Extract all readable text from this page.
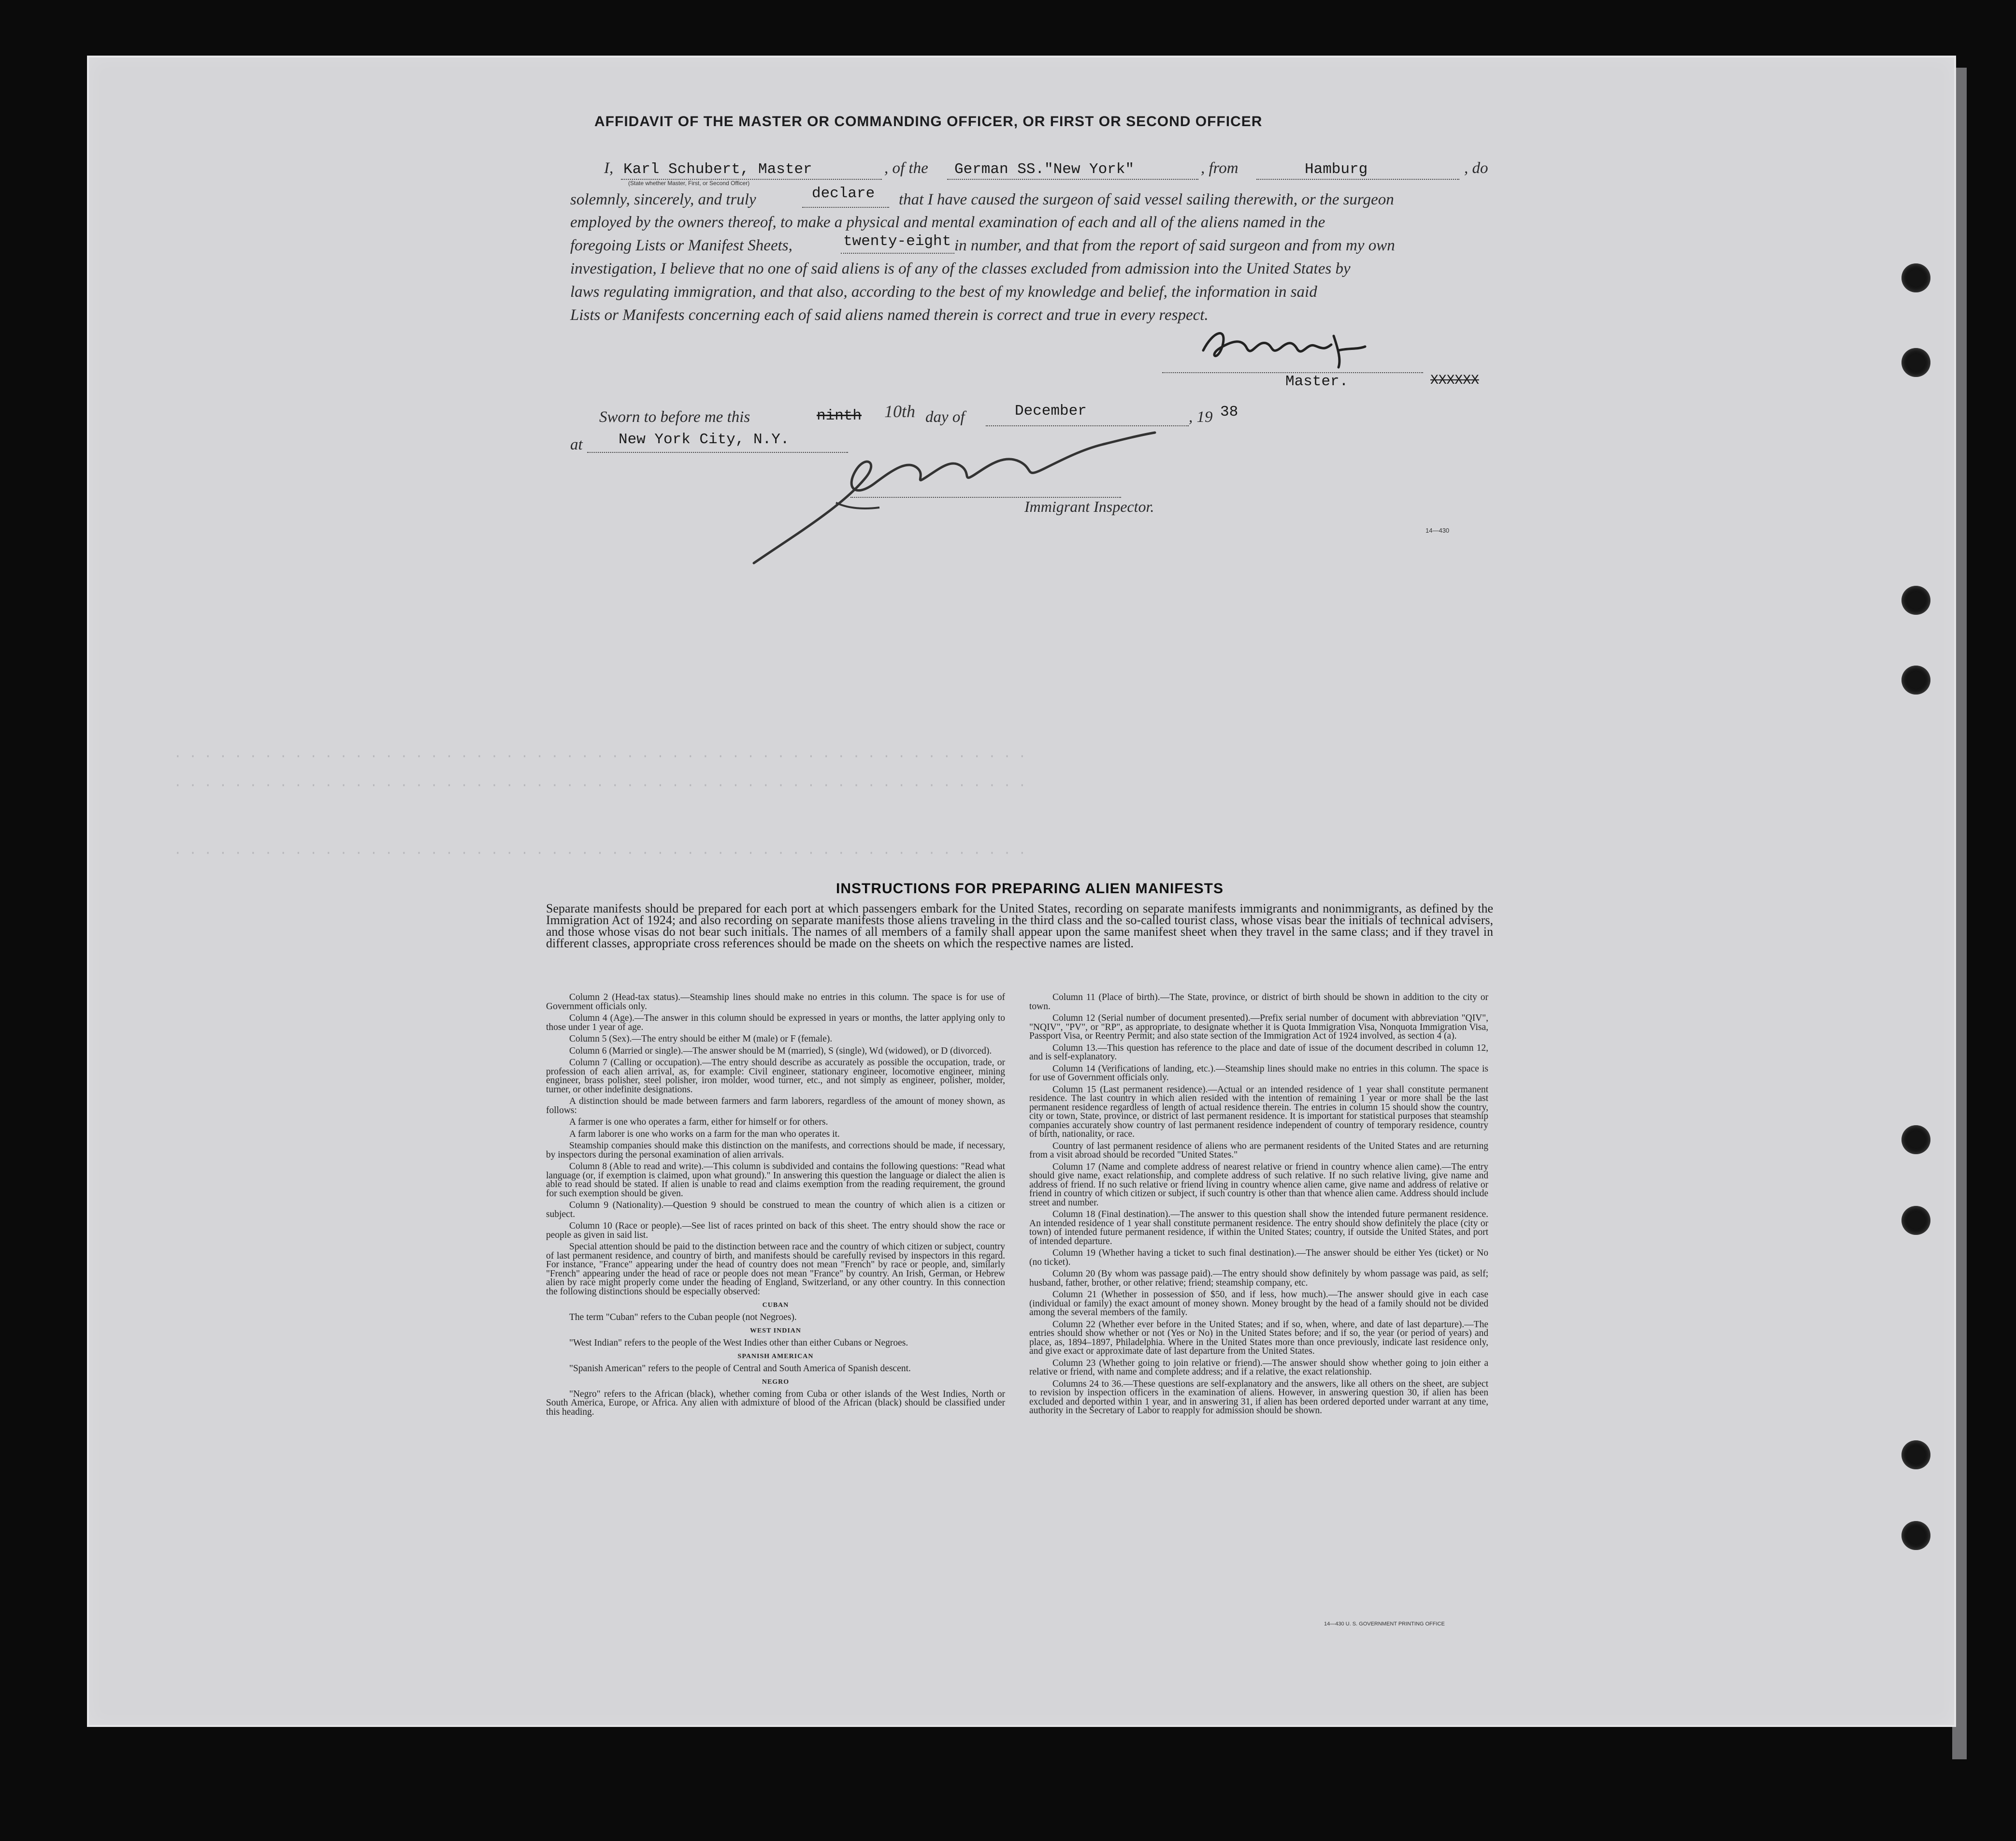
AFFIDAVIT OF THE MASTER OR COMMANDING OFFICER, OR FIRST OR SECOND OFFICER
I, Karl Schubert, Master
(State whether Master, First, or Second Officer)
, of the German SS."New York"	, from	Hamburg	, do
solemnly, sincerely, and truly	declare that I have caused the surgeon of said vessel sailing therewith, or the surgeon
employed by the owners thereof, to make a physical and mental examination of each and all of the aliens named in the
foregoing Lists or Manifest Sheets,	twenty-eight in number, and that from the report of said surgeon and from my own
investigation, I believe that no one of said aliens is of any of the classes excluded from admission into the United States by
laws regulating immigration, and that also, according to the best of my knowledge and belief, the information in said
Lists or Manifests concerning each of said aliens named therein is correct and true in every respect.
Master.	XXXXXX
Sworn to before me this	ninth 10th day of	December	, 19 38
at New York City, N.Y.
Immigrant Inspector.
14—430
· · · · · · · · · · · · · · · · · · · · · · · · · · · · · · · · · · · · · · · · · · · · · · · · · · · · · · · · ·
· · · · · · · · · · · · · · · · · · · · · · · · · · · · · · · · · · · · · · · · · · · · · · · · · · · · · · · · ·
· · · · · · · · · · · · · · · · · · · · · · · · · · · · · · · · · · · · · · · · · · · · · · · · · · · · · · · · ·
INSTRUCTIONS FOR PREPARING ALIEN MANIFESTS
Separate manifests should be prepared for each port at which passengers embark for the United States, recording on separate manifests immigrants and nonimmigrants, as defined by the Immigration Act of 1924; and also recording on separate manifests those aliens traveling in the third class and the so-called tourist class, whose visas bear the initials of technical advisers, and those whose visas do not bear such initials. The names of all members of a family shall appear upon the same manifest sheet when they travel in the same class; and if they travel in different classes, appropriate cross references should be made on the sheets on which the respective names are listed.

Column 2 (Head-tax status).—Steamship lines should make no entries in this column. The space is for use of Government officials only.

Column 4 (Age).—The answer in this column should be expressed in years or months, the latter applying only to those under 1 year of age.

Column 5 (Sex).—The entry should be either M (male) or F (female).

Column 6 (Married or single).—The answer should be M (married), S (single), Wd (widowed), or D (divorced).

Column 7 (Calling or occupation).—The entry should describe as accurately as possible the occupation, trade, or profession of each alien arrival, as, for example: Civil engineer, stationary engineer, locomotive engineer, mining engineer, brass polisher, steel polisher, iron molder, wood turner, etc., and not simply as engineer, polisher, molder, turner, or other indefinite designations.

A distinction should be made between farmers and farm laborers, regardless of the amount of money shown, as follows:

A farmer is one who operates a farm, either for himself or for others.

A farm laborer is one who works on a farm for the man who operates it.

Steamship companies should make this distinction on the manifests, and corrections should be made, if necessary, by inspectors during the personal examination of alien arrivals.

Column 8 (Able to read and write).—This column is subdivided and contains the following questions: "Read what language (or, if exemption is claimed, upon what ground)." In answering this question the language or dialect the alien is able to read should be stated. If alien is unable to read and claims exemption from the reading requirement, the ground for such exemption should be given.

Column 9 (Nationality).—Question 9 should be construed to mean the country of which alien is a citizen or subject.

Column 10 (Race or people).—See list of races printed on back of this sheet. The entry should show the race or people as given in said list.

Special attention should be paid to the distinction between race and the country of which citizen or subject, country of last permanent residence, and country of birth, and manifests should be carefully revised by inspectors in this regard. For instance, "France" appearing under the head of country does not mean "French" by race or people, and, similarly "French" appearing under the head of race or people does not mean "France" by country. An Irish, German, or Hebrew alien by race might properly come under the heading of England, Switzerland, or any other country. In this connection the following distinctions should be especially observed:

CUBAN

The term "Cuban" refers to the Cuban people (not Negroes).

WEST INDIAN

"West Indian" refers to the people of the West Indies other than either Cubans or Negroes.

SPANISH AMERICAN

"Spanish American" refers to the people of Central and South America of Spanish descent.

NEGRO

"Negro" refers to the African (black), whether coming from Cuba or other islands of the West Indies, North or South America, Europe, or Africa. Any alien with admixture of blood of the African (black) should be classified under this heading.

Column 11 (Place of birth).—The State, province, or district of birth should be shown in addition to the city or town.

Column 12 (Serial number of document presented).—Prefix serial number of document with abbreviation "QIV", "NQIV", "PV", or "RP", as appropriate, to designate whether it is Quota Immigration Visa, Nonquota Immigration Visa, Passport Visa, or Reentry Permit; and also state section of the Immigration Act of 1924 involved, as section 4 (a).

Column 13.—This question has reference to the place and date of issue of the document described in column 12, and is self-explanatory.

Column 14 (Verifications of landing, etc.).—Steamship lines should make no entries in this column. The space is for use of Government officials only.

Column 15 (Last permanent residence).—Actual or an intended residence of 1 year shall constitute permanent residence. The last country in which alien resided with the intention of remaining 1 year or more shall be the last permanent residence regardless of length of actual residence therein. The entries in column 15 should show the country, city or town, State, province, or district of last permanent residence. It is important for statistical purposes that steamship companies accurately show country of last permanent residence independent of country of temporary residence, country of birth, nationality, or race.

Country of last permanent residence of aliens who are permanent residents of the United States and are returning from a visit abroad should be recorded "United States."

Column 17 (Name and complete address of nearest relative or friend in country whence alien came).—The entry should give name, exact relationship, and complete address of such relative. If no such relative living, give name and address of friend. If no such relative or friend living in country whence alien came, give name and address of relative or friend in country of which citizen or subject, if such country is other than that whence alien came. Address should include street and number.

Column 18 (Final destination).—The answer to this question shall show the intended future permanent residence. An intended residence of 1 year shall constitute permanent residence. The entry should show definitely the place (city or town) of intended future permanent residence, if within the United States; country, if outside the United States, and port of intended departure.

Column 19 (Whether having a ticket to such final destination).—The answer should be either Yes (ticket) or No (no ticket).

Column 20 (By whom was passage paid).—The entry should show definitely by whom passage was paid, as self; husband, father, brother, or other relative; friend; steamship company, etc.

Column 21 (Whether in possession of $50, and if less, how much).—The answer should give in each case (individual or family) the exact amount of money shown. Money brought by the head of a family should not be divided among the several members of the family.

Column 22 (Whether ever before in the United States; and if so, when, where, and date of last departure).—The entries should show whether or not (Yes or No) in the United States before; and if so, the year (or period of years) and place, as, 1894–1897, Philadelphia. Where in the United States more than once previously, indicate last residence only, and give exact or approximate date of last departure from the United States.

Column 23 (Whether going to join relative or friend).—The answer should show whether going to join either a relative or friend, with name and complete address; and if a relative, the exact relationship.

Columns 24 to 36.—These questions are self-explanatory and the answers, like all others on the sheet, are subject to revision by inspection officers in the examination of aliens. However, in answering question 30, if alien has been excluded and deported within 1 year, and in answering 31, if alien has been ordered deported under warrant at any time, authority in the Secretary of Labor to reapply for admission should be shown.

14—430 U. S. GOVERNMENT PRINTING OFFICE
